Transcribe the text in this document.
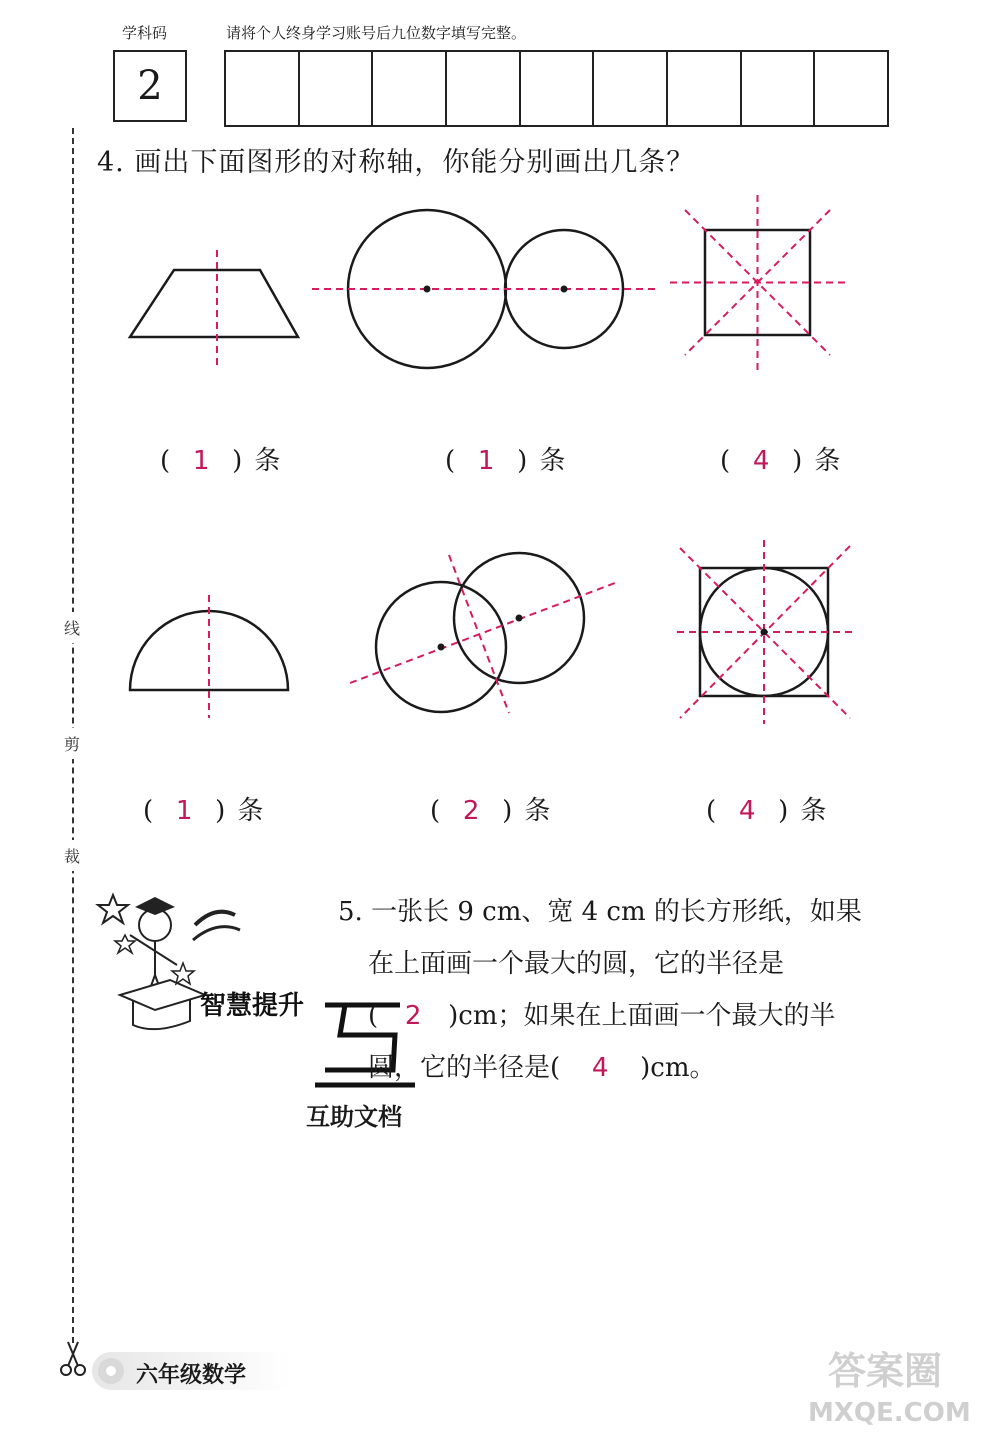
学科码	请将个人终身学习账号后九位数字填写完整。
2
线
剪
裁
4. 画出下面图形的对称轴，你能分别画出几条？
( 1 ) 条	( 1 ) 条	( 4 ) 条
( 1 ) 条	( 2 ) 条	( 4 ) 条
智慧提升
互助文档
5. 一张长 9 cm、宽 4 cm 的长方形纸，如果
在上面画一个最大的圆，它的半径是
( 2 )cm；如果在上面画一个最大的半
圆，它的半径是( 4 )cm。
六年级数学	答案圈
MXQE.COM
